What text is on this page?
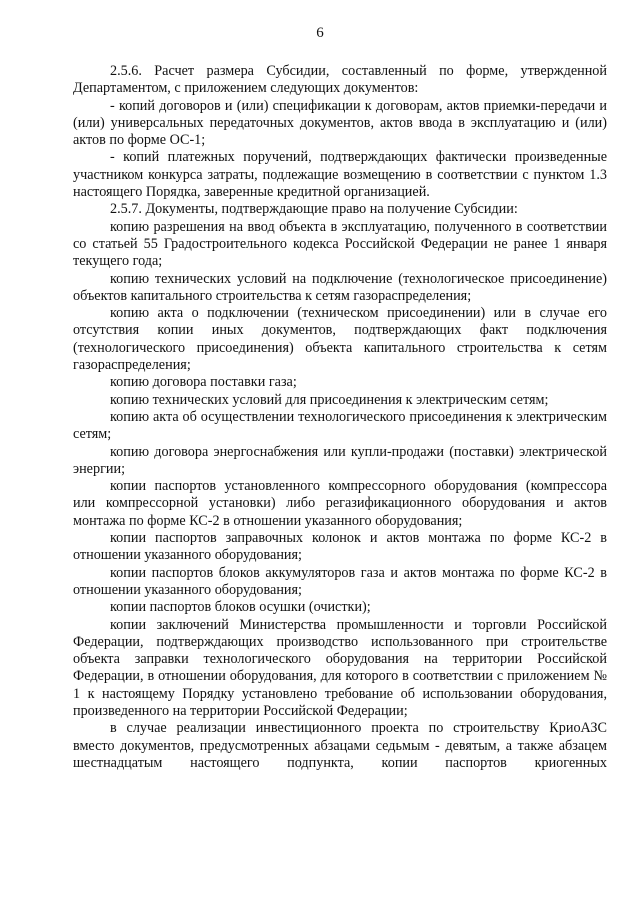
6

2.5.6. Расчет размера Субсидии, составленный по форме, утвержденной Департаментом, с приложением следующих документов:

- копий договоров и (или) спецификации к договорам, актов приемки-передачи и (или) универсальных передаточных документов, актов ввода в эксплуатацию и (или) актов по форме ОС-1;

- копий платежных поручений, подтверждающих фактически произведенные участником конкурса затраты, подлежащие возмещению в соответствии с пунктом 1.3 настоящего Порядка, заверенные кредитной организацией.

2.5.7. Документы, подтверждающие право на получение Субсидии:

копию разрешения на ввод объекта в эксплуатацию, полученного в соответствии со статьей 55 Градостроительного кодекса Российской Федерации не ранее 1 января текущего года;

копию технических условий на подключение (технологическое присоединение) объектов капитального строительства к сетям газораспределения;

копию акта о подключении (техническом присоединении) или в случае его отсутствия копии иных документов, подтверждающих факт подключения (технологического присоединения) объекта капитального строительства к сетям газораспределения;

копию договора поставки газа;

копию технических условий для присоединения к электрическим сетям;

копию акта об осуществлении технологического присоединения к электрическим сетям;

копию договора энергоснабжения или купли-продажи (поставки) электрической энергии;

копии паспортов установленного компрессорного оборудования (компрессора или компрессорной установки) либо регазификационного оборудования и актов монтажа по форме КС-2 в отношении указанного оборудования;

копии паспортов заправочных колонок и актов монтажа по форме КС-2 в отношении указанного оборудования;

копии паспортов блоков аккумуляторов газа и актов монтажа по форме КС-2 в отношении указанного оборудования;

копии паспортов блоков осушки (очистки);

копии заключений Министерства промышленности и торговли Российской Федерации, подтверждающих производство использованного при строительстве объекта заправки технологического оборудования на территории Российской Федерации, в отношении оборудования, для которого в соответствии с приложением № 1 к настоящему Порядку установлено требование об использовании оборудования, произведенного на территории Российской Федерации;

в случае реализации инвестиционного проекта по строительству КриоАЗС вместо документов, предусмотренных абзацами седьмым - девятым, а также абзацем шестнадцатым настоящего подпункта, копии паспортов криогенных
